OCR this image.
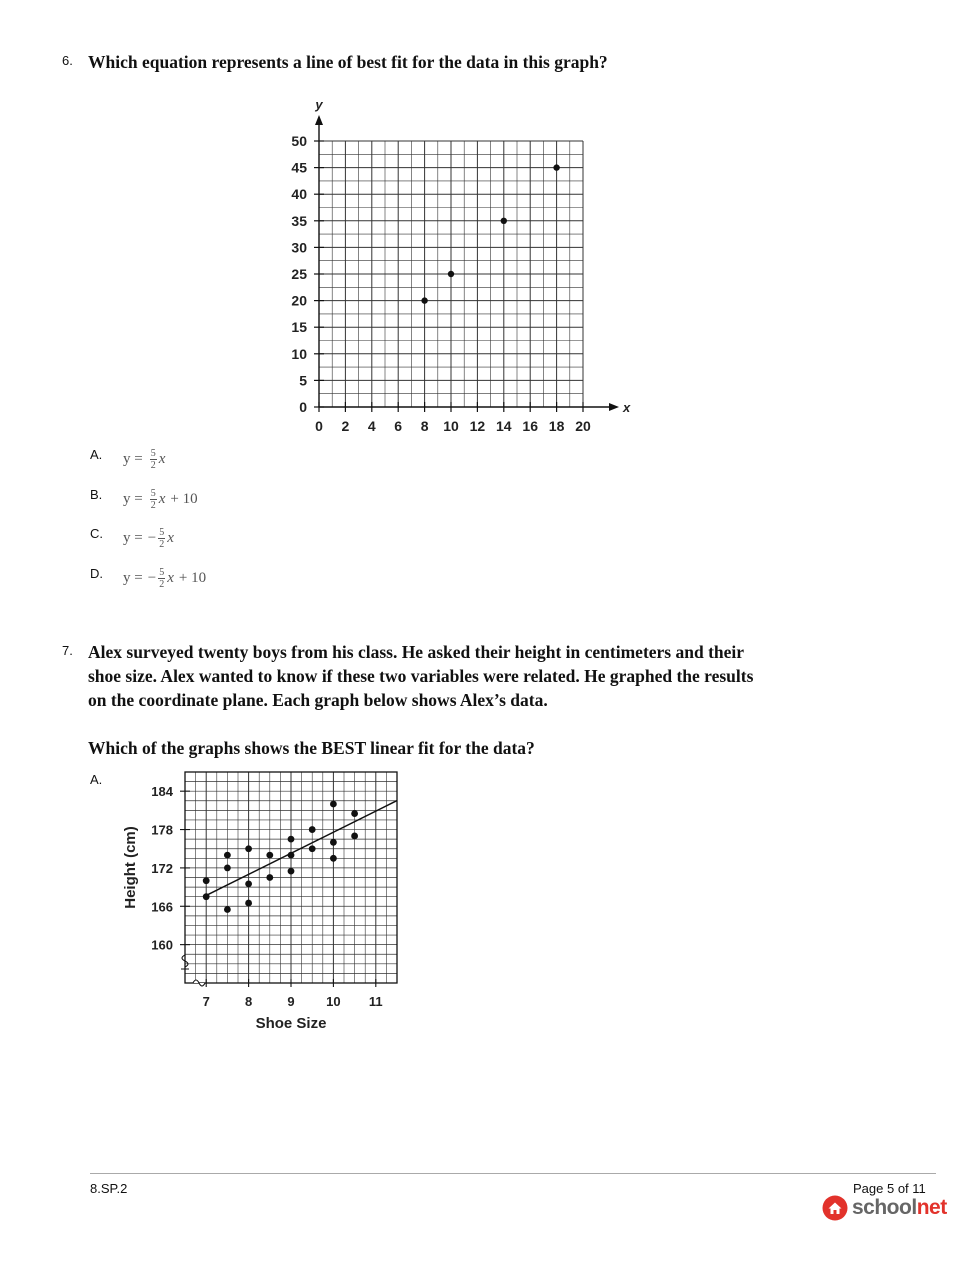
6. Which equation represents a line of best fit for the data in this graph?
0 2 4 6 8 10 12 14 16 18 20
0
5
10
15
20
25
30
35
40
45
50
x
y
A. $y = \frac{5}{2}$ x
B. $y = \frac{5}{2}$ x + 10
C. y = − $\frac{5}{2}$ x
D. y = − $\frac{5}{2}$ x + 10
7. Alex surveyed twenty boys from his class. He asked their height in centimeters and their
shoe size. Alex wanted to know if these two variables were related. He graphed the results
on the coordinate plane. Each graph below shows Alex’s data.
Which of the graphs shows the BEST linear fit for the data?
A.
7	8	9 10 11
160
166
172
178
184
Shoe Size
Height (cm)
8.SP.2	Page 5 of 11
schoolnet
